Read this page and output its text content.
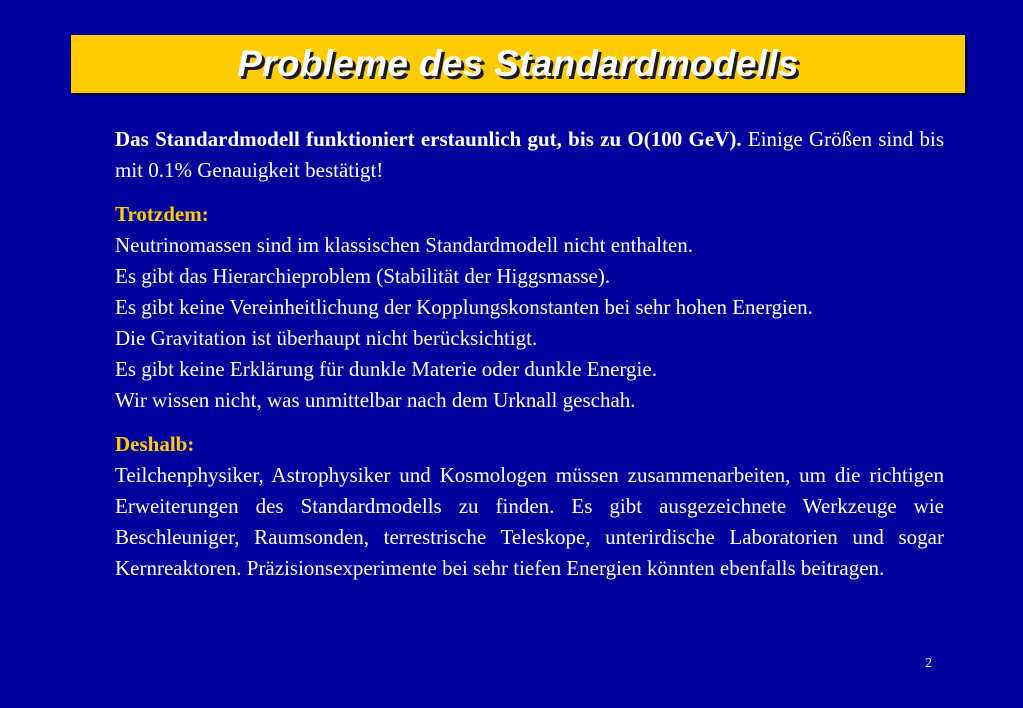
Probleme des Standardmodells

Das Standardmodell funktioniert erstaunlich gut, bis zu O(100 GeV). Einige Größen sind bis mit 0.1% Genauigkeit bestätigt!

Trotzdem:

Neutrinomassen sind im klassischen Standardmodell nicht enthalten.

Es gibt das Hierarchieproblem (Stabilität der Higgsmasse).

Es gibt keine Vereinheitlichung der Kopplungskonstanten bei sehr hohen Energien.

Die Gravitation ist überhaupt nicht berücksichtigt.

Es gibt keine Erklärung für dunkle Materie oder dunkle Energie.

Wir wissen nicht, was unmittelbar nach dem Urknall geschah.

Deshalb:

Teilchenphysiker, Astrophysiker und Kosmologen müssen zusammenarbeiten, um die richtigen Erweiterungen des Standardmodells zu finden. Es gibt ausgezeichnete Werkzeuge wie Beschleuniger, Raumsonden, terrestrische Teleskope, unterirdische Laboratorien und sogar Kernreaktoren. Präzisionsexperimente bei sehr tiefen Energien könnten ebenfalls beitragen.

2
